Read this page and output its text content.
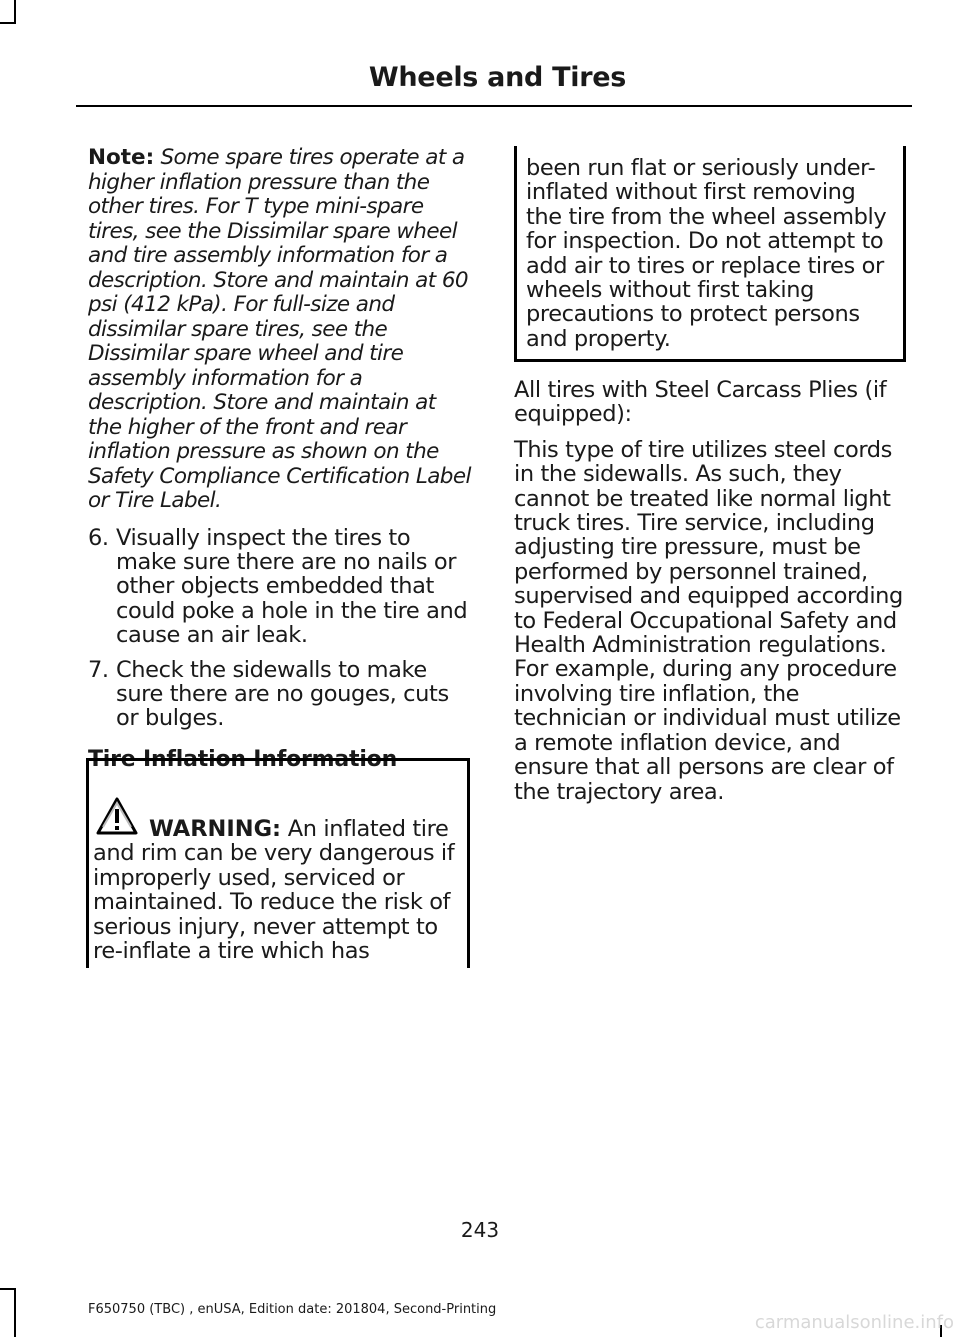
Wheels and Tires

Note: Some spare tires operate at a higher inflation pressure than the other tires. For T type mini-spare tires, see the Dissimilar spare wheel and tire assembly information for a description. Store and maintain at 60 psi (412 kPa). For full-size and dissimilar spare tires, see the Dissimilar spare wheel and tire assembly information for a description. Store and maintain at the higher of the front and rear inflation pressure as shown on the Safety Compliance Certification Label or Tire Label.

6. Visually inspect the tires to make sure there are no nails or other objects embedded that could poke a hole in the tire and cause an air leak.
7. Check the sidewalls to make sure there are no gouges, cuts or bulges.
Tire Inflation Information

WARNING: An inflated tire and rim can be very dangerous if improperly used, serviced or maintained. To reduce the risk of serious injury, never attempt to re-inflate a tire which has

been run flat or seriously under-inflated without first removing the tire from the wheel assembly for inspection. Do not attempt to add air to tires or replace tires or wheels without first taking precautions to protect persons and property.

All tires with Steel Carcass Plies (if equipped):

This type of tire utilizes steel cords in the sidewalls. As such, they cannot be treated like normal light truck tires. Tire service, including adjusting tire pressure, must be performed by personnel trained, supervised and equipped according to Federal Occupational Safety and Health Administration regulations. For example, during any procedure involving tire inflation, the technician or individual must utilize a remote inflation device, and ensure that all persons are clear of the trajectory area.

243
F650750 (TBC) , enUSA, Edition date: 201804, Second-Printing
carmanualsonline.info
